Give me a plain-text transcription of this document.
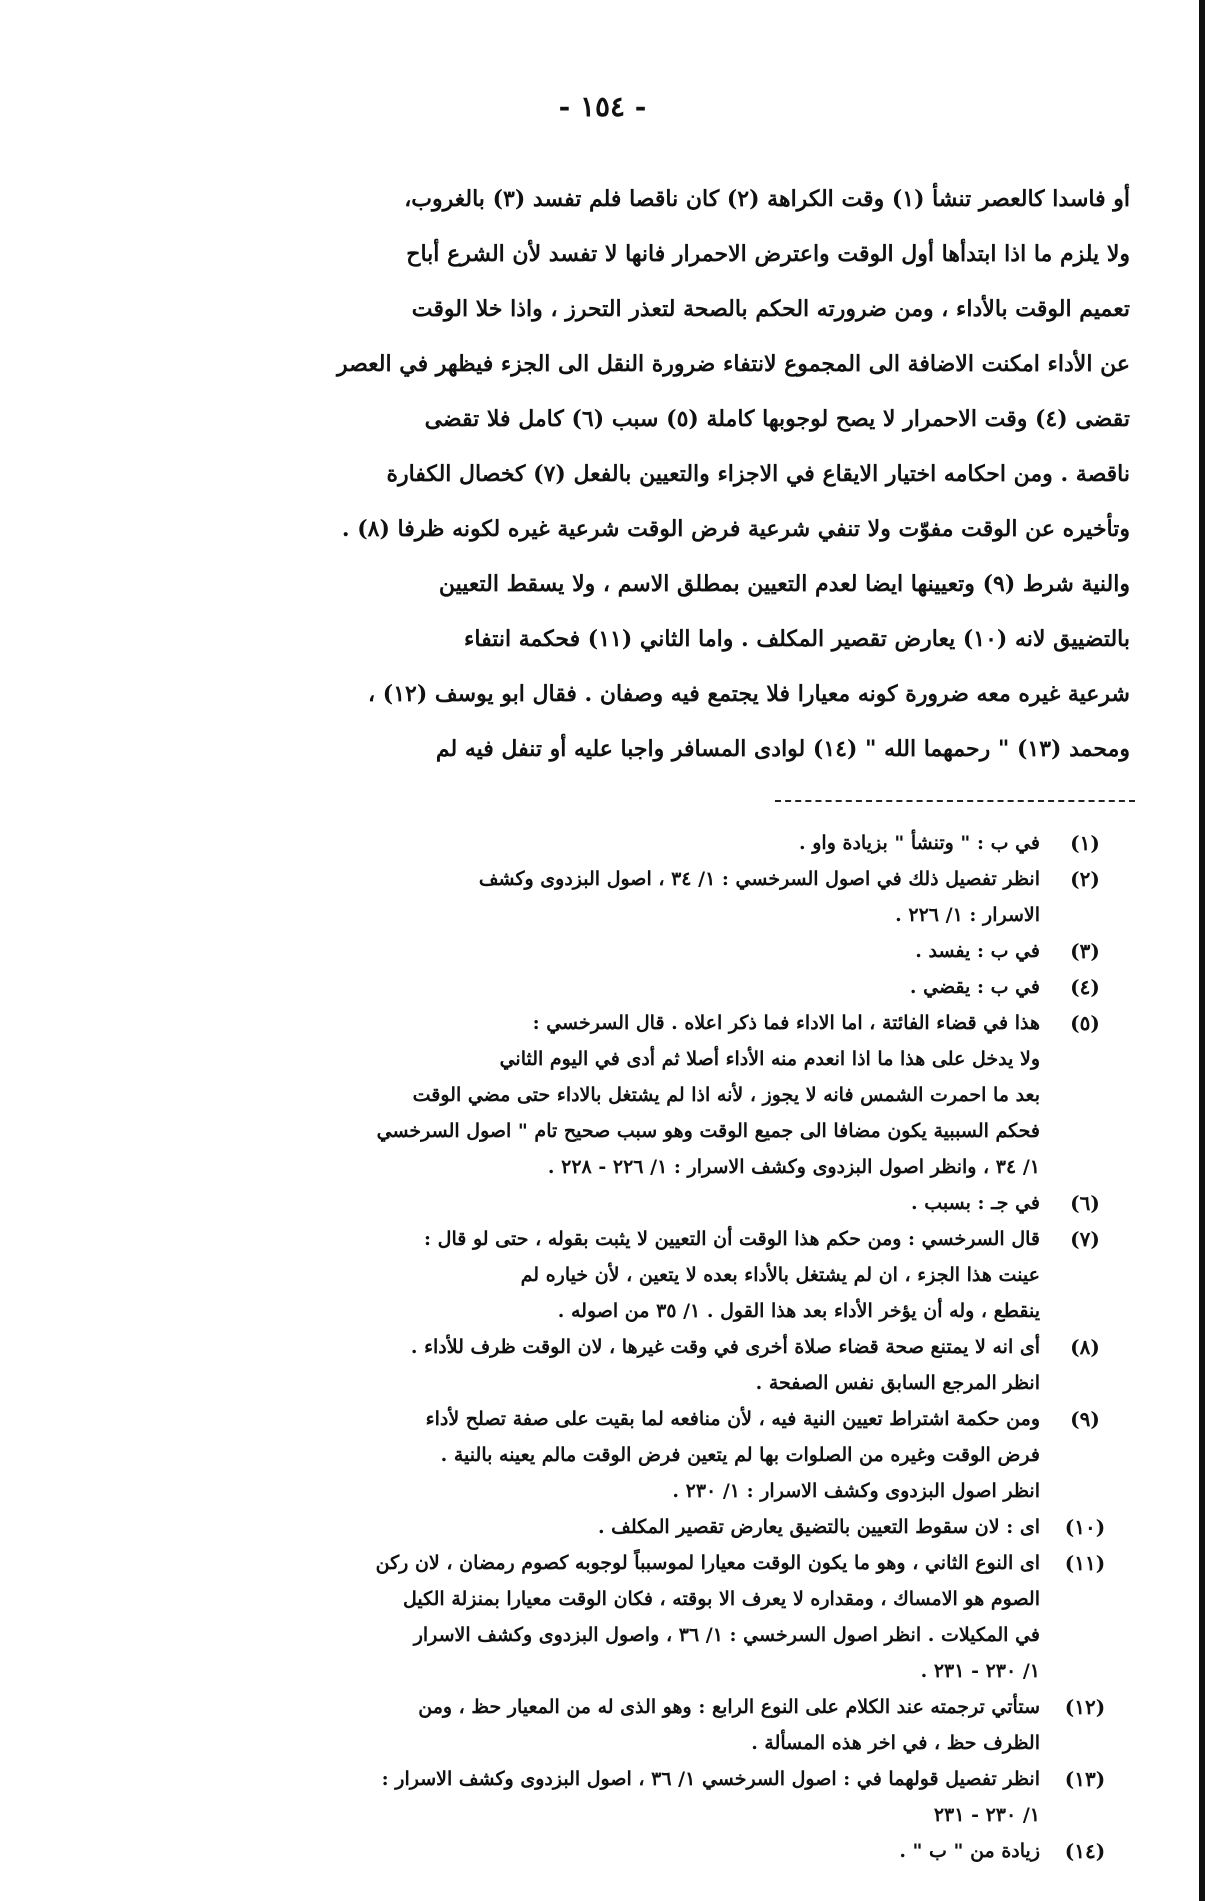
- ١٥٤ -
أو فاسدا كالعصر تنشأ (١) وقت الكراهة (٢) كان ناقصا فلم تفسد (٣) بالغروب،
ولا يلزم ما اذا ابتدأها أول الوقت واعترض الاحمرار فانها لا تفسد لأن الشرع أباح
تعميم الوقت بالأداء ، ومن ضرورته الحكم بالصحة لتعذر التحرز ، واذا خلا الوقت
عن الأداء امكنت الاضافة الى المجموع لانتفاء ضرورة النقل الى الجزء فيظهر في العصر
تقضى (٤) وقت الاحمرار لا يصح لوجوبها كاملة (٥) سبب (٦) كامل فلا تقضى
ناقصة . ومن احكامه اختيار الايقاع في الاجزاء والتعيين بالفعل (٧) كخصال الكفارة
وتأخيره عن الوقت مفوّت ولا تنفي شرعية فرض الوقت شرعية غيره لكونه ظرفا (٨) .
والنية شرط (٩) وتعيينها ايضا لعدم التعيين بمطلق الاسم ، ولا يسقط التعيين
بالتضييق لانه (١٠) يعارض تقصير المكلف . واما الثاني (١١) فحكمة انتفاء
شرعية غيره معه ضرورة كونه معيارا فلا يجتمع فيه وصفان . فقال ابو يوسف (١٢) ،
ومحمد (١٣) " رحمهما الله " (١٤) لوادى المسافر واجبا عليه أو تنفل فيه لم
(١)
في ب : " وتنشأ " بزيادة واو .
(٢)
انظر تفصيل ذلك في اصول السرخسي : ١/ ٣٤ ، اصول البزدوى وكشف
الاسرار : ١/ ٢٢٦ .
(٣)
في ب : يفسد .
(٤)
في ب : يقضي .
(٥)
هذا في قضاء الفائتة ، اما الاداء فما ذكر اعلاه . قال السرخسي :
ولا يدخل على هذا ما اذا انعدم منه الأداء أصلا ثم أدى في اليوم الثاني
بعد ما احمرت الشمس فانه لا يجوز ، لأنه اذا لم يشتغل بالاداء حتى مضي الوقت
فحكم السببية يكون مضافا الى جميع الوقت وهو سبب صحيح تام " اصول السرخسي
١/ ٣٤ ، وانظر اصول البزدوى وكشف الاسرار : ١/ ٢٢٦ - ٢٢٨ .
(٦)
في جـ : بسبب .
(٧)
قال السرخسي : ومن حكم هذا الوقت أن التعيين لا يثبت بقوله ، حتى لو قال :
عينت هذا الجزء ، ان لم يشتغل بالأداء بعده لا يتعين ، لأن خياره لم
ينقطع ، وله أن يؤخر الأداء بعد هذا القول . ١/ ٣٥ من اصوله .
(٨)
أى انه لا يمتنع صحة قضاء صلاة أخرى في وقت غيرها ، لان الوقت ظرف للأداء .
انظر المرجع السابق نفس الصفحة .
(٩)
ومن حكمة اشتراط تعيين النية فيه ، لأن منافعه لما بقيت على صفة تصلح لأداء
فرض الوقت وغيره من الصلوات بها لم يتعين فرض الوقت مالم يعينه بالنية .
انظر اصول البزدوى وكشف الاسرار : ١/ ٢٣٠ .
(١٠)
اى : لان سقوط التعيين بالتضيق يعارض تقصير المكلف .
(١١)
اى النوع الثاني ، وهو ما يكون الوقت معيارا لموسبباً لوجوبه كصوم رمضان ، لان ركن
الصوم هو الامساك ، ومقداره لا يعرف الا بوقته ، فكان الوقت معيارا بمنزلة الكيل
في المكيلات . انظر اصول السرخسي : ١/ ٣٦ ، واصول البزدوى وكشف الاسرار
١/ ٢٣٠ - ٢٣١ .
(١٢)
ستأتي ترجمته عند الكلام على النوع الرابع : وهو الذى له من المعيار حظ ، ومن
الظرف حظ ، في اخر هذه المسألة .
(١٣)
انظر تفصيل قولهما في : اصول السرخسي ١/ ٣٦ ، اصول البزدوى وكشف الاسرار :
١/ ٢٣٠ - ٢٣١
(١٤)
زيادة من " ب " .
